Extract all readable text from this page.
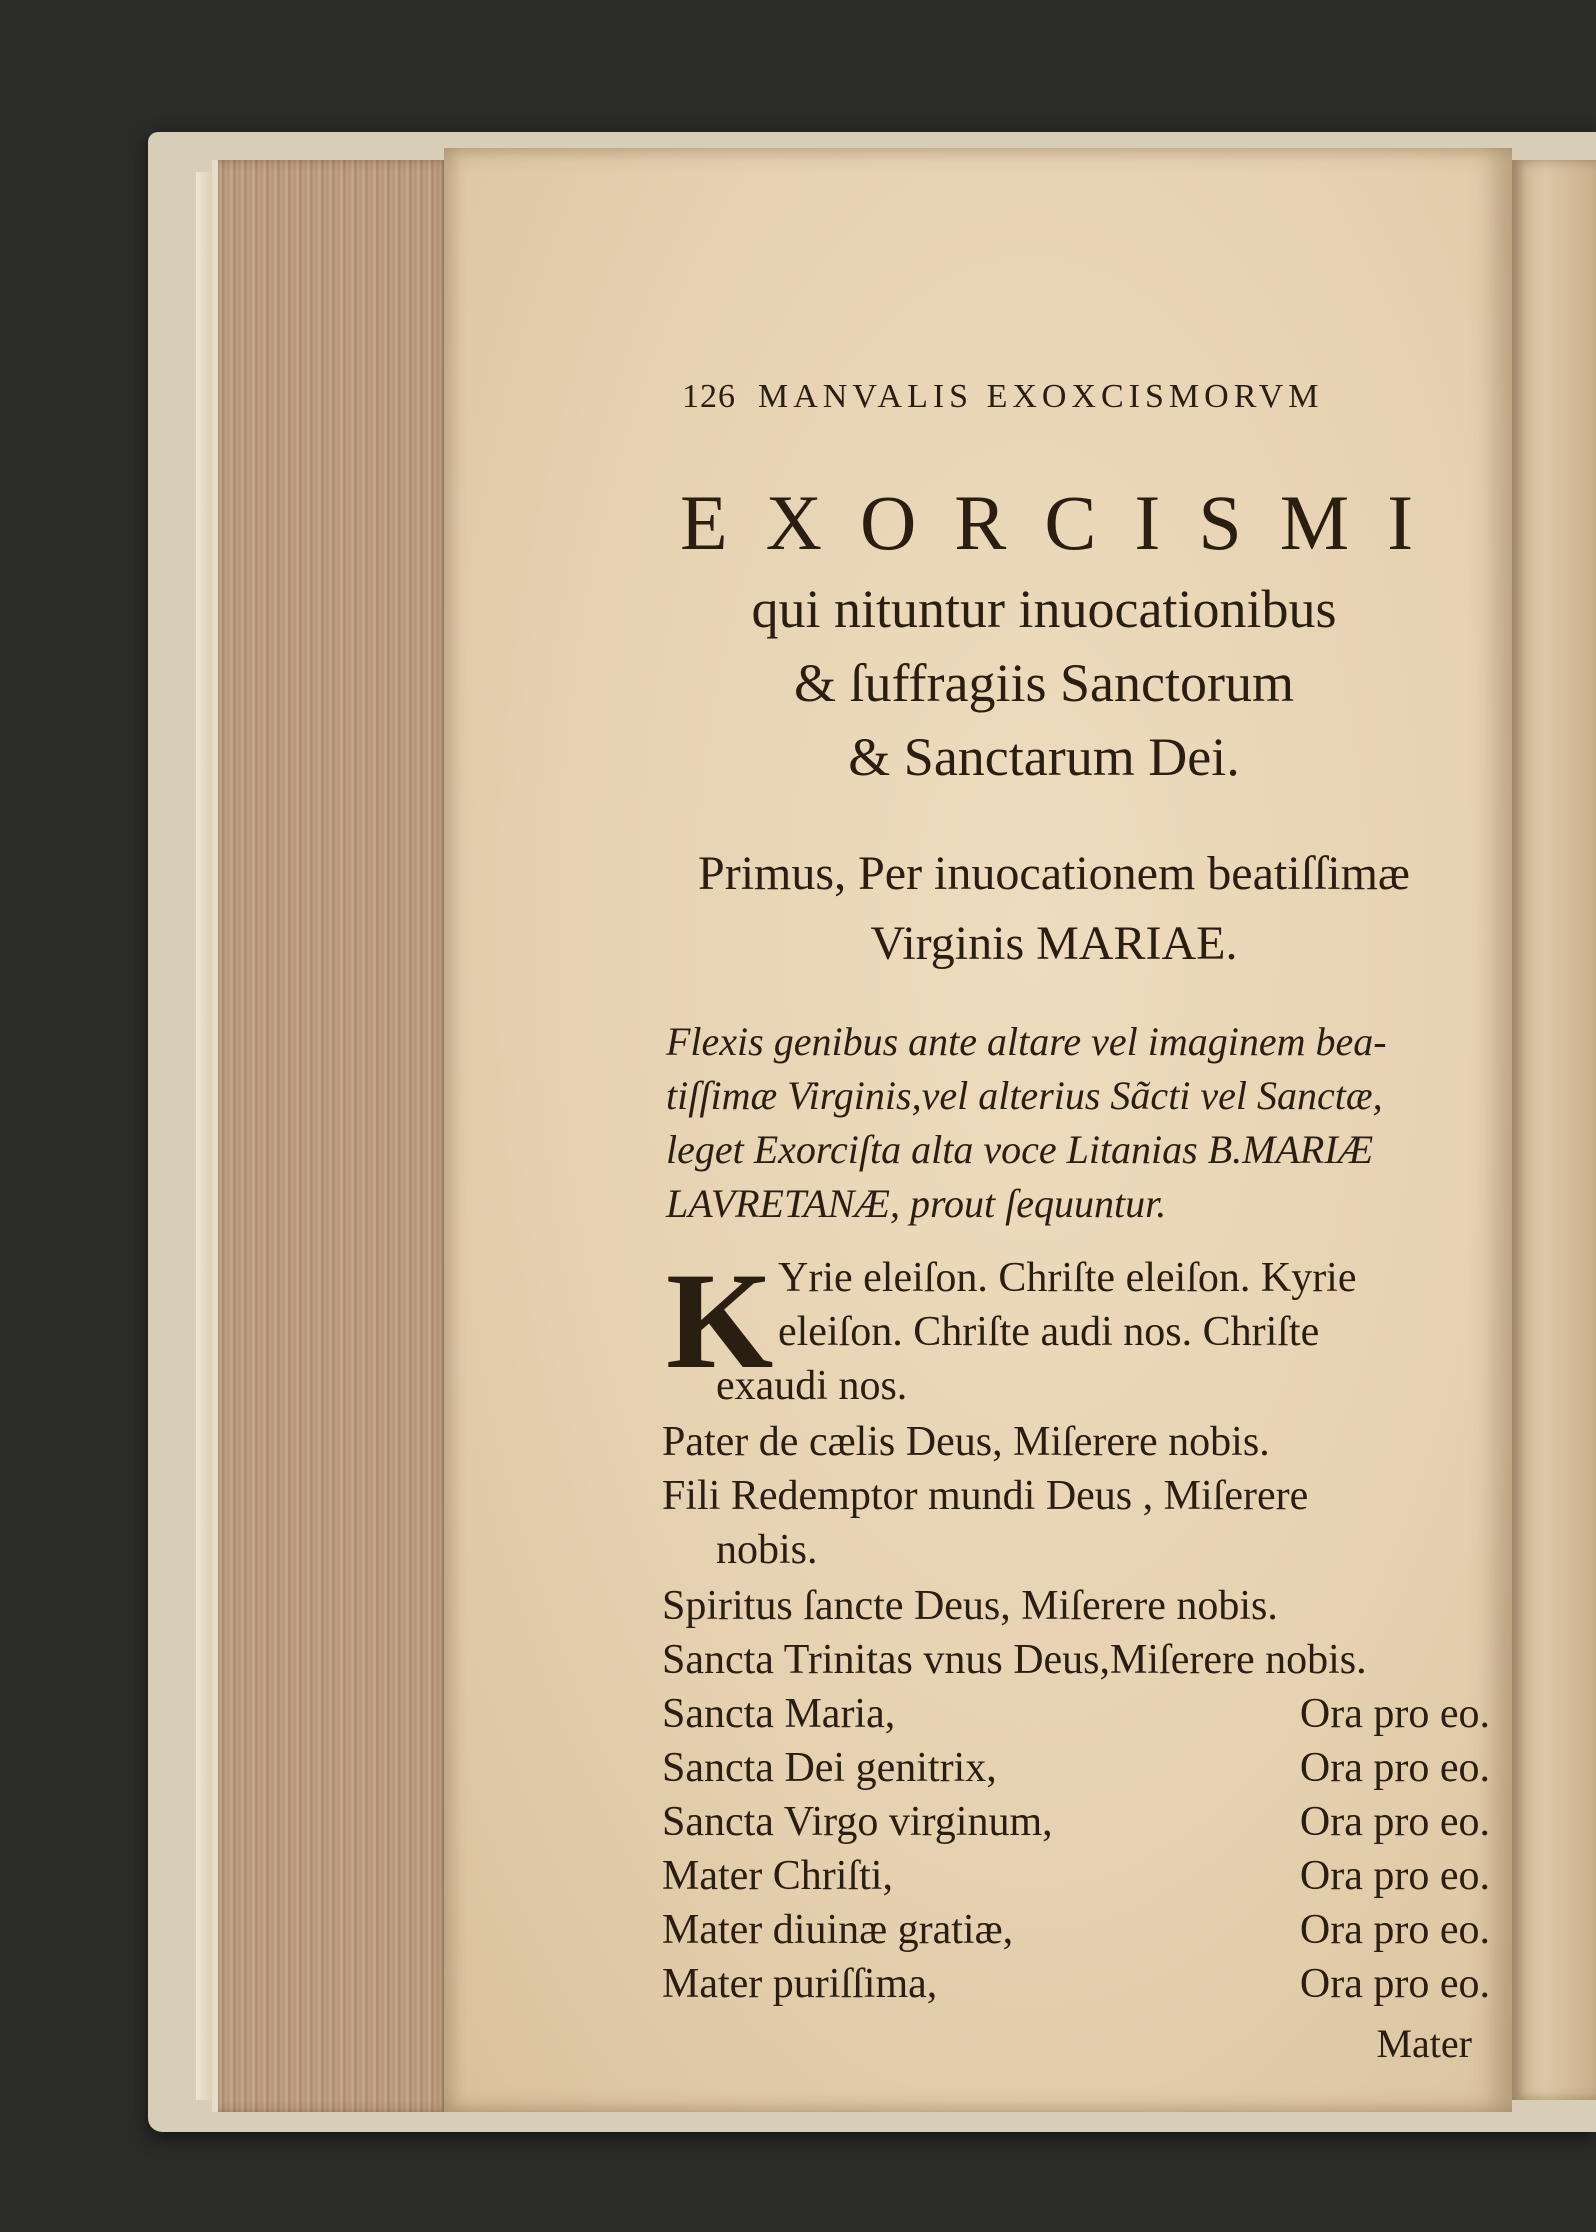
126 MANVALIS EXOXCISMORVM
EXORCISMI
qui nituntur inuocationibus
& ſuffragiis Sanctorum
& Sanctarum Dei.
Primus, Per inuocationem beatiſſimæ
Virginis MARIAE.
Flexis genibus ante altare vel imaginem bea-
tiſſimæ Virginis,vel alterius Sãcti vel Sanctæ,
leget Exorciſta alta voce Litanias B.MARIÆ
LAVRETANÆ, prout ſequuntur.
K Yrie eleiſon. Chriſte eleiſon. Kyrie
eleiſon. Chriſte audi nos. Chriſte
exaudi nos.
Pater de cælis Deus, Miſerere nobis.
Fili Redemptor mundi Deus , Miſerere
nobis.
Spiritus ſancte Deus, Miſerere nobis.
Sancta Trinitas vnus Deus,Miſerere nobis.
Sancta Maria,	Ora pro eo.
Sancta Dei genitrix,	Ora pro eo.
Sancta Virgo virginum,	Ora pro eo.
Mater Chriſti,	Ora pro eo.
Mater diuinæ gratiæ,	Ora pro eo.
Mater puriſſima,	Ora pro eo.
Mater
